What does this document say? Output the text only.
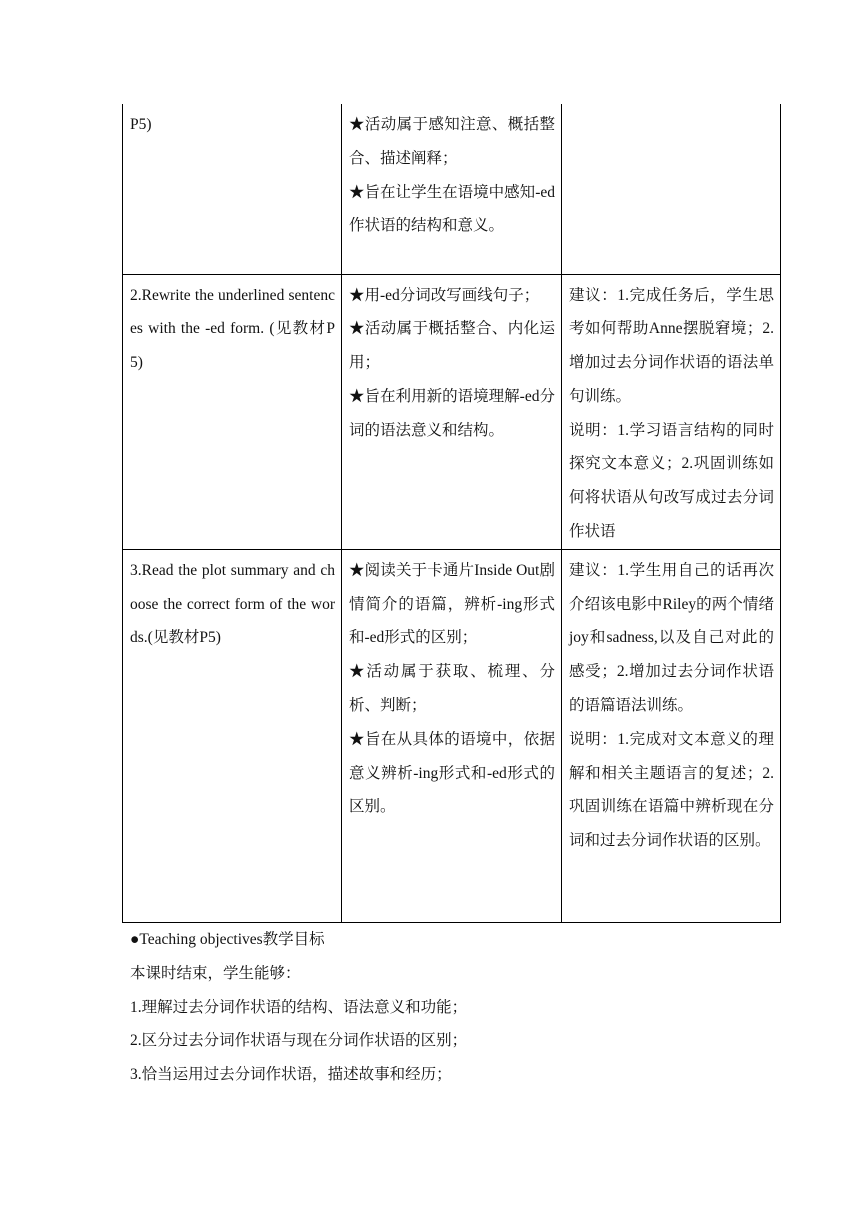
P5)	★活动属于感知注意、概括整合、描述阐释；
★旨在让学生在语境中感知-ed作状语的结构和意义。	

2.Rewrite the underlined sentences with the -ed form. (见教材P5)	★用-ed分词改写画线句子；
★活动属于概括整合、内化运用；
★旨在利用新的语境理解-ed分词的语法意义和结构。	建议：1.完成任务后，学生思考如何帮助Anne摆脱窘境；2.增加过去分词作状语的语法单句训练。
说明：1.学习语言结构的同时探究文本意义；2.巩固训练如何将状语从句改写成过去分词作状语

3.Read the plot summary and choose the correct form of the words.(见教材P5)	★阅读关于卡通片Inside Out剧情简介的语篇，辨析-ing形式和-ed形式的区别；
★活动属于获取、梳理、分析、判断；
★旨在从具体的语境中，依据意义辨析-ing形式和-ed形式的区别。	建议：1.学生用自己的话再次介绍该电影中Riley的两个情绪joy和sadness,以及自己对此的感受；2.增加过去分词作状语的语篇语法训练。
说明：1.完成对文本意义的理解和相关主题语言的复述；2.巩固训练在语篇中辨析现在分词和过去分词作状语的区别。
●Teaching objectives教学目标
本课时结束，学生能够：
1.理解过去分词作状语的结构、语法意义和功能；
2.区分过去分词作状语与现在分词作状语的区别；
3.恰当运用过去分词作状语，描述故事和经历；
